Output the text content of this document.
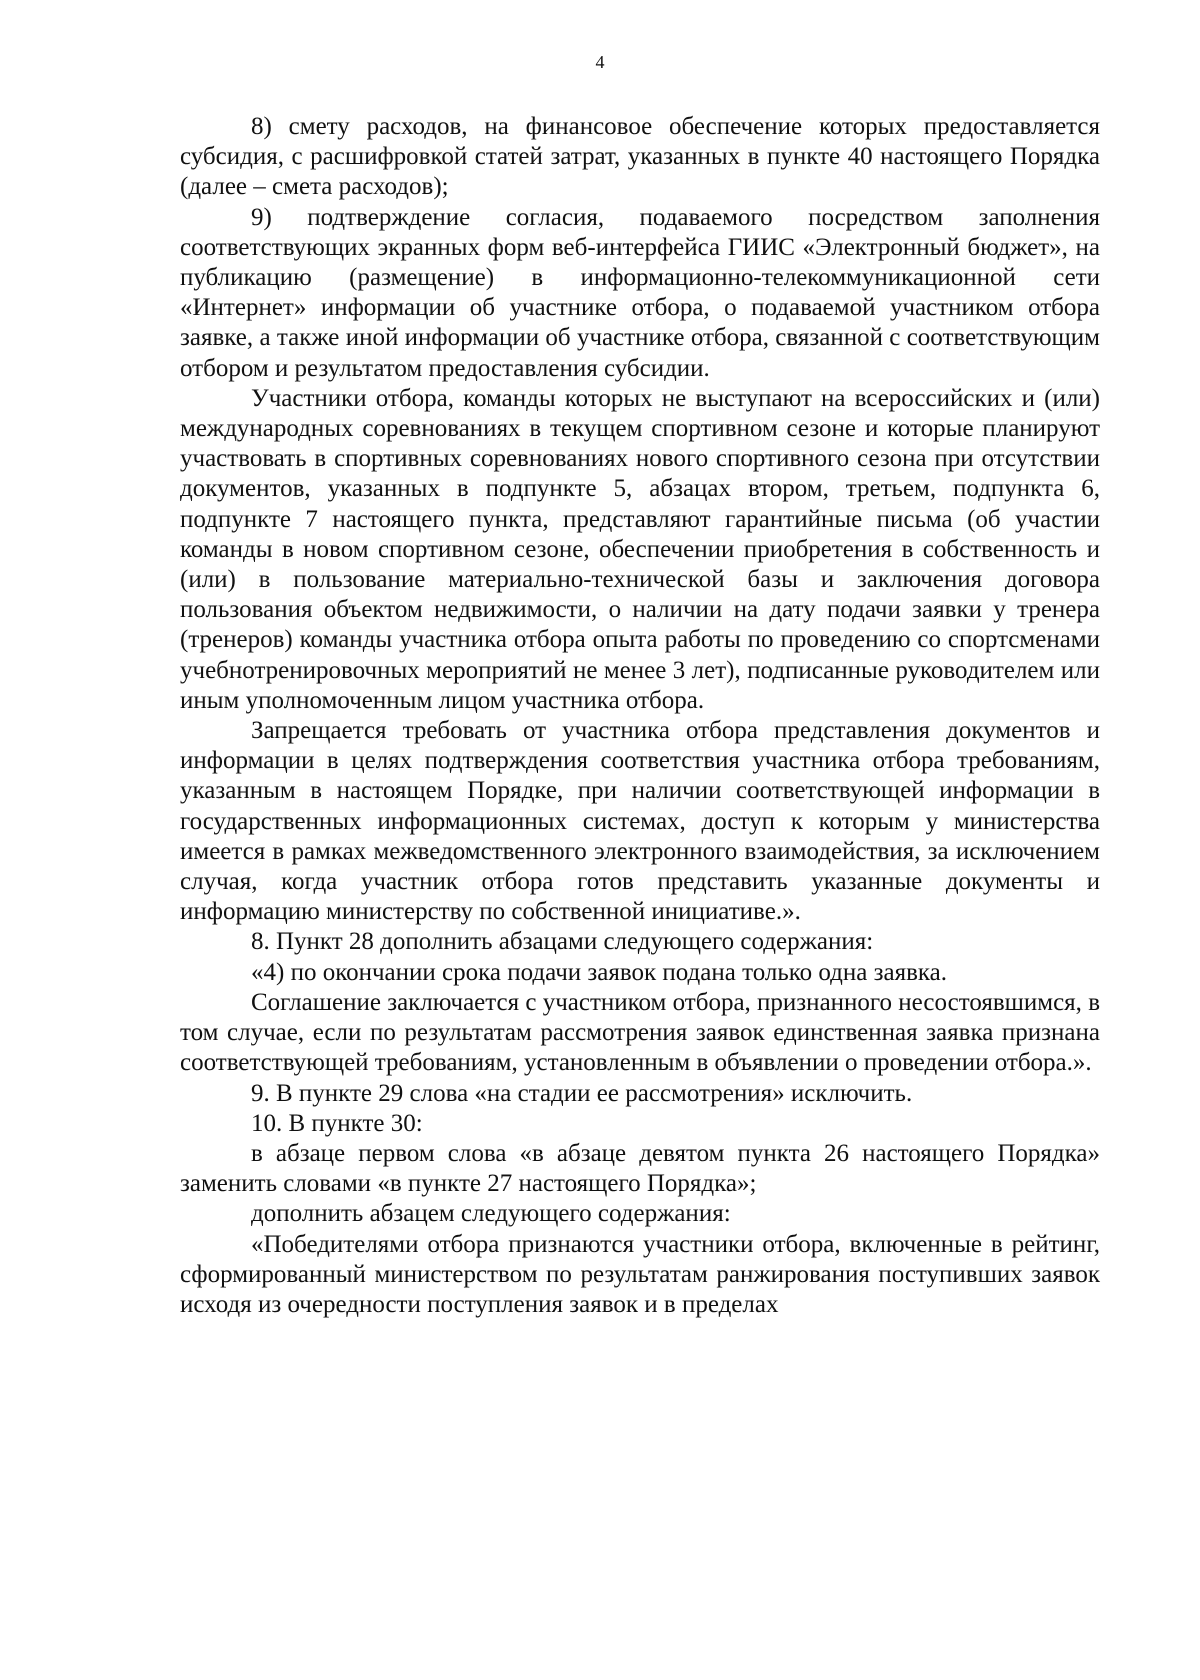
4

8) смету расходов, на финансовое обеспечение которых предоставляется субсидия, с расшифровкой статей затрат, указанных в пункте 40 настоящего Порядка (далее – смета расходов);

9) подтверждение согласия, подаваемого посредством заполнения соответствующих экранных форм веб-интерфейса ГИИС «Электронный бюджет», на публикацию (размещение) в информационно-телекоммуникационной сети «Интернет» информации об участнике отбора, о подаваемой участником отбора заявке, а также иной информации об участнике отбора, связанной с соответствующим отбором и результатом предоставления субсидии.

Участники отбора, команды которых не выступают на всероссийских и (или) международных соревнованиях в текущем спортивном сезоне и которые планируют участвовать в спортивных соревнованиях нового спортивного сезона при отсутствии документов, указанных в подпункте 5, абзацах втором, третьем, подпункта 6, подпункте 7 настоящего пункта, представляют гарантийные письма (об участии команды в новом спортивном сезоне, обеспечении приобретения в собственность и (или) в пользование материально-технической базы и заключения договора пользования объектом недвижимости, о наличии на дату подачи заявки у тренера (тренеров) команды участника отбора опыта работы по проведению со спортсменами учебнотренировочных мероприятий не менее 3 лет), подписанные руководителем или иным уполномоченным лицом участника отбора.

Запрещается требовать от участника отбора представления документов и информации в целях подтверждения соответствия участника отбора требованиям, указанным в настоящем Порядке, при наличии соответствующей информации в государственных информационных системах, доступ к которым у министерства имеется в рамках межведомственного электронного взаимодействия, за исключением случая, когда участник отбора готов представить указанные документы и информацию министерству по собственной инициативе.».

8. Пункт 28 дополнить абзацами следующего содержания:

«4) по окончании срока подачи заявок подана только одна заявка.

Соглашение заключается с участником отбора, признанного несостоявшимся, в том случае, если по результатам рассмотрения заявок единственная заявка признана соответствующей требованиям, установленным в объявлении о проведении отбора.».

9. В пункте 29 слова «на стадии ее рассмотрения» исключить.

10. В пункте 30:

в абзаце первом слова «в абзаце девятом пункта 26 настоящего Порядка» заменить словами «в пункте 27 настоящего Порядка»;

дополнить абзацем следующего содержания:

«Победителями отбора признаются участники отбора, включенные в рейтинг, сформированный министерством по результатам ранжирования поступивших заявок исходя из очередности поступления заявок и в пределах
